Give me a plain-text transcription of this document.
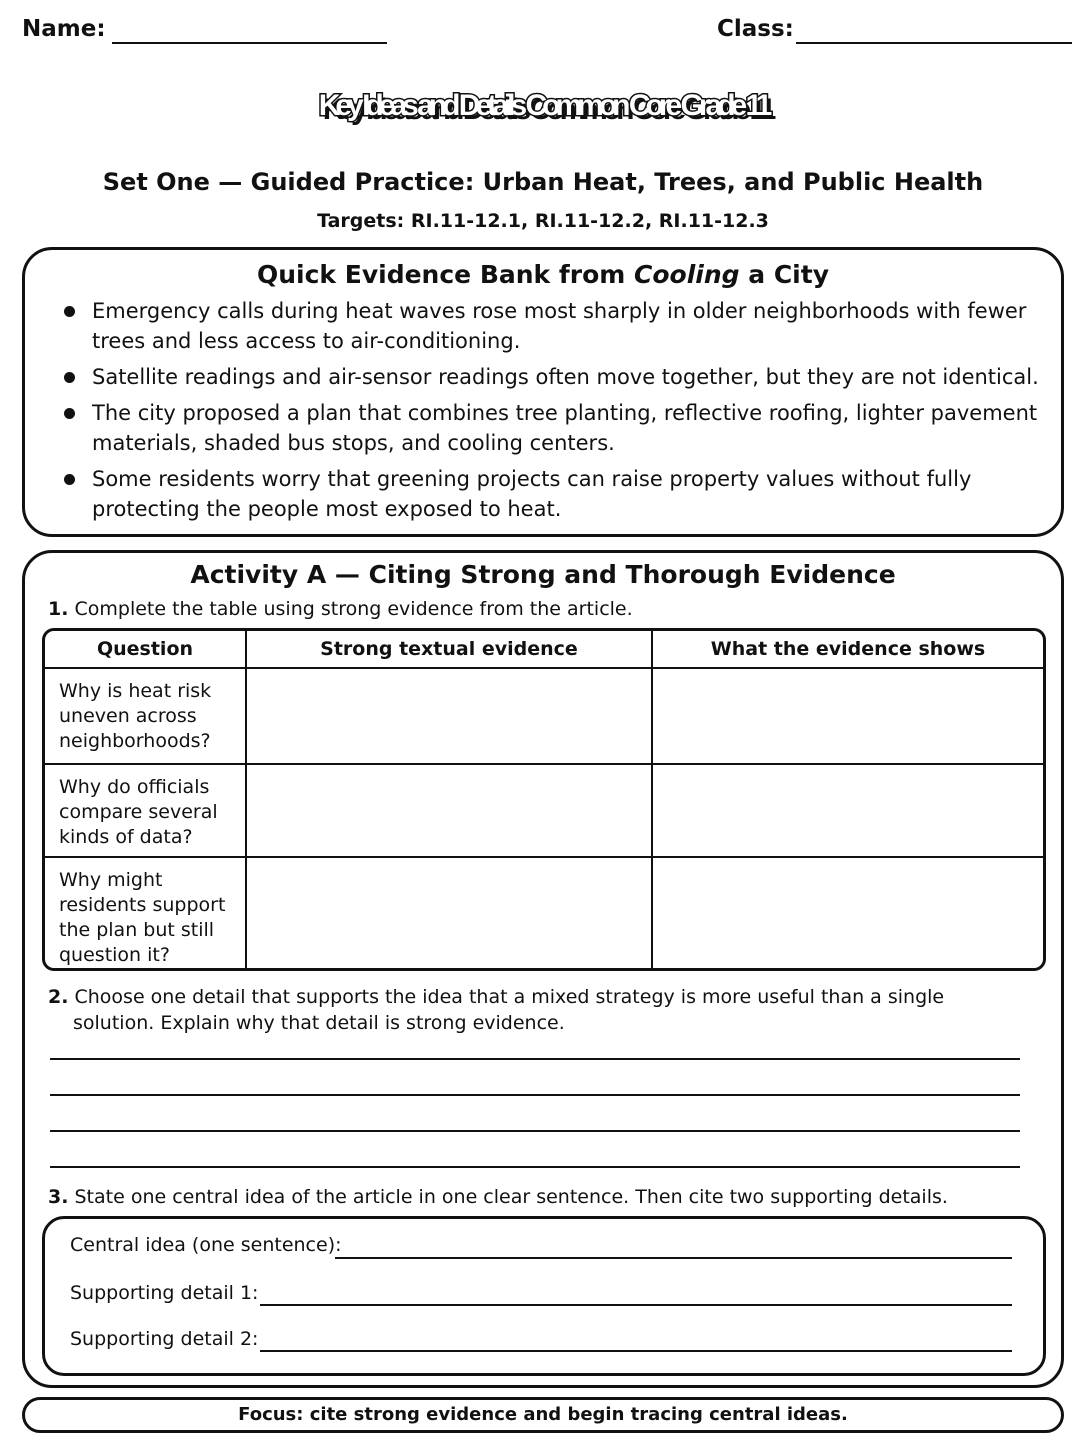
Name:	Class:
Key Ideas and Details Common Core Grade 11
Set One — Guided Practice: Urban Heat, Trees, and Public Health
Targets: RI.11-12.1, RI.11-12.2, RI.11-12.3
Quick Evidence Bank from Cooling a City
Emergency calls during heat waves rose most sharply in older neighborhoods with fewer trees and less access to air-conditioning.
Satellite readings and air-sensor readings often move together, but they are not identical.
The city proposed a plan that combines tree planting, reflective roofing, lighter pavement materials, shaded bus stops, and cooling centers.
Some residents worry that greening projects can raise property values without fully protecting the people most exposed to heat.
Activity A — Citing Strong and Thorough Evidence
1. Complete the table using strong evidence from the article.
Question	Strong textual evidence	What the evidence shows
Why is heat risk uneven across neighborhoods?		
Why do officials compare several kinds of data?		
Why might residents support the plan but still question it?		
2. Choose one detail that supports the idea that a mixed strategy is more useful than a single solution. Explain why that detail is strong evidence.
3. State one central idea of the article in one clear sentence. Then cite two supporting details.
Central idea (one sentence):
Supporting detail 1:
Supporting detail 2:
Focus: cite strong evidence and begin tracing central ideas.
